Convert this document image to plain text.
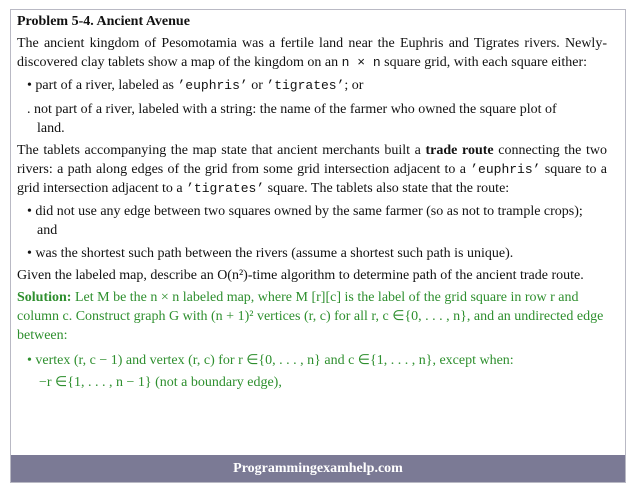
Problem 5-4. Ancient Avenue

The ancient kingdom of Pesomotamia was a fertile land near the Euphris and Tigrates rivers. Newly- discovered clay tablets show a map of the kingdom on an n × n square grid, with each square either:

• part of a river, labeled as ’euphris’ or ’tigrates’; or

. not part of a river, labeled with a string: the name of the farmer who owned the square plot of

land.

The tablets accompanying the map state that ancient merchants built a trade route connecting the two rivers: a path along edges of the grid from some grid intersection adjacent to a ’euphris’ square to a grid intersection adjacent to a ’tigrates’ square. The tablets also state that the route:

• did not use any edge between two squares owned by the same farmer (so as not to trample crops);

and

• was the shortest such path between the rivers (assume a shortest such path is unique).

Given the labeled map, describe an O(n²)-time algorithm to determine path of the ancient trade route.

Solution: Let M be the n × n labeled map, where M [r][c] is the label of the grid square in row r and column c. Construct graph G with (n + 1)² vertices (r, c) for all r, c ∈{0, . . . , n}, and an undirected edge between:

• vertex (r, c − 1) and vertex (r, c) for r ∈{0, . . . , n} and c ∈{1, . . . , n}, except when:

−r ∈{1, . . . , n − 1} (not a boundary edge),

Programmingexamhelp.com
